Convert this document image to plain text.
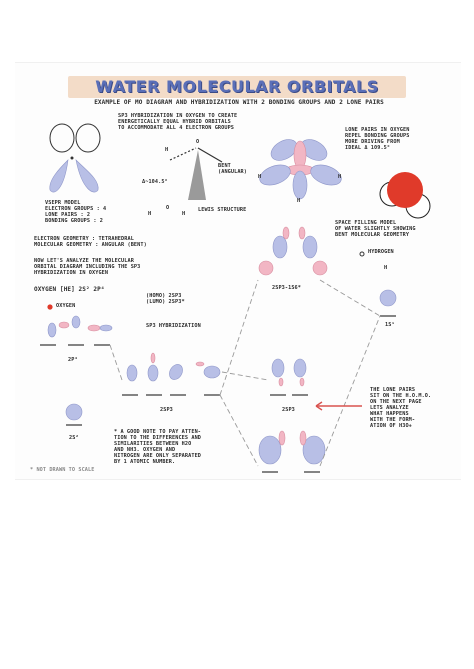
WATER MOLECULAR ORBITALS
EXAMPLE OF MO DIAGRAM AND HYBRIDIZATION WITH 2 BONDING GROUPS AND 2 LONE PAIRS
SP3 HYBRIDIZATION IN OXYGEN TO CREATE
ENERGETICALLY EQUAL HYBRID ORBITALS
TO ACCOMMODATE ALL 4 ELECTRON GROUPS	LONE PAIRS IN OXYGEN
REPEL BONDING GROUPS
MORE DRIVING FROM
IDEAL Δ 109.5°
H
O
BENT
(ANGULAR)
Δ~104.5°
H	H
H
VSEPR MODEL
ELECTRON GROUPS : 4
LONE PAIRS : 2
BONDING GROUPS : 2
H
O
H
LEWIS STRUCTURE
SPACE FILLING MODEL
OF WATER SLIGHTLY SHOWING
BENT MOLECULAR GEOMETRY
ELECTRON GEOMETRY : TETRAHEDRAL
MOLECULAR GEOMETRY : ANGULAR (BENT)
HYDROGEN
NOW LET'S ANALYZE THE MOLECULAR
ORBITAL DIAGRAM INCLUDING THE SP3
HYBRIDIZATION IN OXYGEN
H
OXYGEN [HE] 2S² 2P⁴	2SP3-1S6*
(HOMO) 2SP3
(LUMO) 2SP3*
OXYGEN
SP3 HYBRIDIZATION	1S¹
2P⁴
THE LONE PAIRS
SIT ON THE H.O.M.O.
ON THE NEXT PAGE
LETS ANALYZE
WHAT HAPPENS
WITH THE FORM-
ATION OF H3O+
2SP3	2SP3
* A GOOD NOTE TO PAY ATTEN-
TION TO THE DIFFERENCES AND
SIMILARITIES BETWEEN H2O
AND NH3. OXYGEN AND
NITROGEN ARE ONLY SEPARATED
BY 1 ATOMIC NUMBER.
2S²
* NOT DRAWN TO SCALE
